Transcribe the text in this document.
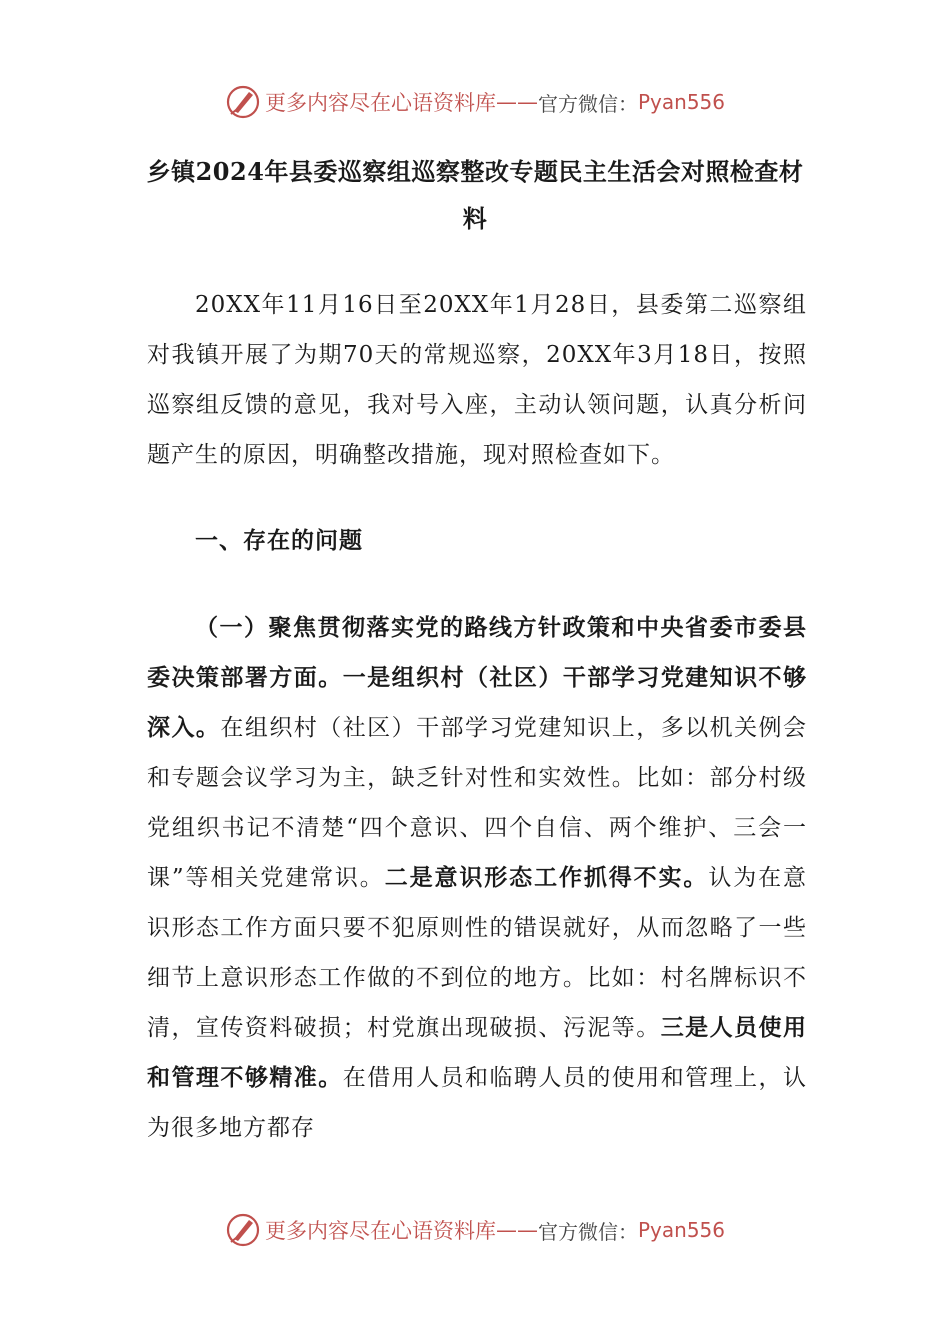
更多内容尽在心语资料库 —— 官方微信： Pyan556
乡镇2024年县委巡察组巡察整改专题民主生活会对照检查材料
20XX年11月16日至20XX年1月28日，县委第二巡察组对我镇开展了为期70天的常规巡察，20XX年3月18日，按照巡察组反馈的意见，我对号入座，主动认领问题，认真分析问题产生的原因，明确整改措施，现对照检查如下。
一、存在的问题
（一）聚焦贯彻落实党的路线方针政策和中央省委市委县委决策部署方面。一是组织村（社区）干部学习党建知识不够深入。在组织村（社区）干部学习党建知识上，多以机关例会和专题会议学习为主，缺乏针对性和实效性。比如：部分村级党组织书记不清楚“四个意识、四个自信、两个维护、三会一课”等相关党建常识。二是意识形态工作抓得不实。认为在意识形态工作方面只要不犯原则性的错误就好，从而忽略了一些细节上意识形态工作做的不到位的地方。比如：村名牌标识不清，宣传资料破损；村党旗出现破损、污泥等。三是人员使用和管理不够精准。在借用人员和临聘人员的使用和管理上，认为很多地方都存
更多内容尽在心语资料库 —— 官方微信： Pyan556
